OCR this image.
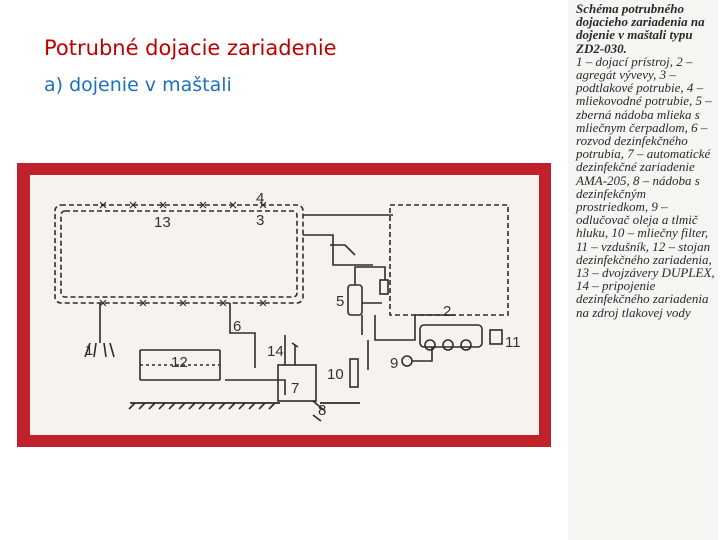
Potrubné dojacie zariadenie
a) dojenie v maštali
1
2
3
4
5
6
7
8
9
10
11
12
13
14
Schéma potrubného dojacieho zariadenia na dojenie v maštali typu ZD2-030.
1 – dojací prístroj, 2 – agregát vývevy, 3 – podtlakové potrubie, 4 – mliekovodné potrubie, 5 – zberná nádoba mlieka s mliečnym čerpadlom, 6 – rozvod dezinfekčného potrubia, 7 – automatické dezinfekčné zariadenie AMA-205, 8 – nádoba s dezinfekčným prostriedkom, 9 – odlučovač oleja a tlmič hluku, 10 – mliečny filter, 11 – vzdušník, 12 – stojan dezinfekčného zariadenia, 13 – dvojzávery DUPLEX, 14 – pripojenie dezinfekčného zariadenia na zdroj tlakovej vody
